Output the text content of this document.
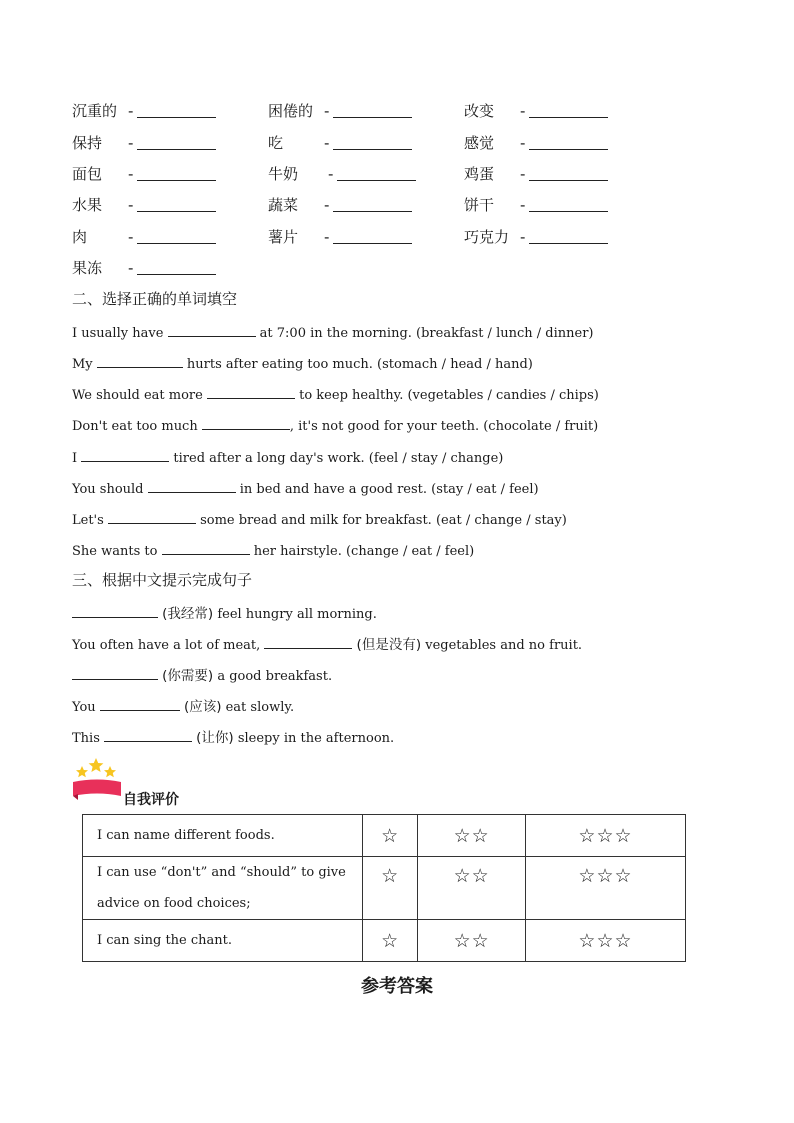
沉重的 -	困倦的 -	改变 -
保持 -	吃	-	感觉 -
面包 -	牛奶 -	鸡蛋 -
水果 -	蔬菜 -	饼干 -
肉	-	薯片 -	巧克力 -
果冻 -
二、选择正确的单词填空
I usually have	at 7:00 in the morning. (breakfast / lunch / dinner)
My	hurts after eating too much. (stomach / head / hand)
We should eat more	to keep healthy. (vegetables / candies / chips)
Don't eat too much	, it's not good for your teeth. (chocolate / fruit)
I	tired after a long day's work. (feel / stay / change)
You should	in bed and have a good rest. (stay / eat / feel)
Let's	some bread and milk for breakfast. (eat / change / stay)
She wants to	her hairstyle. (change / eat / feel)
三、根据中文提示完成句子
(我经常) feel hungry all morning.
You often have a lot of meat,	(但是没有) vegetables and no fruit.
(你需要) a good breakfast.
You	(应该) eat slowly.
This	(让你) sleepy in the afternoon.
自我评价
I can name different foods.	☆	☆☆	☆☆☆

I can use “don't” and “should” to give
advice on food choices;	☆	☆☆	☆☆☆
I can sing the chant.	☆	☆☆	☆☆☆
参考答案
